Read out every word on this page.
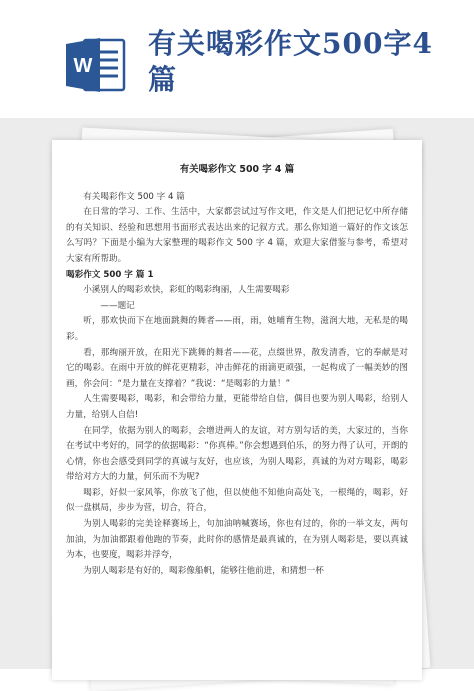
W
有关喝彩作文500字4篇
有关喝彩作文 500 字 4 篇

有关喝彩作文 500 字 4 篇

在日常的学习、工作、生活中，大家都尝试过写作文吧，作文是人们把记忆中所存储的有关知识、经验和思想用书面形式表达出来的记叙方式。那么你知道一篇好的作文该怎么写吗？下面是小编为大家整理的喝彩作文 500 字 4 篇，欢迎大家借鉴与参考，希望对大家有所帮助。

喝彩作文 500 字 篇 1

小溪别人的喝彩欢快，彩虹的喝彩绚丽，人生需要喝彩

——题记

听，那欢快而下在地面跳舞的舞者——雨，雨，她哺育生物，滋润大地，无私是的喝彩。

看，那绚丽开放，在阳光下跳舞的舞者——花，点缀世界，散发清香，它的奉献是对它的喝彩。在雨中开放的鲜花更精彩，冲击鲜花的雨滴更顽强，一起构成了一幅美妙的图画，你会问：“是力量在支撑着？”我说：“是喝彩的力量！”

人生需要喝彩，喝彩，和会带给力量，更能带给自信，偶目也要为别人喝彩，给别人力量，给别人自信!

在同学，依据为别人的喝彩，会增进两人的友谊，对方别勾话的美，大家过的，当你在考试中考好的，同学的依据喝彩：“你真棒。”你会想遇到伯乐，的努力得了认可，开朗的心情，你也会感受到同学的真诚与友好，也应该，为别人喝彩，真诚的为对方喝彩，喝彩带给对方大的力量，何乐而不为呢?

喝彩，好似一家风筝，你放飞了他，但以使他不知他向高处飞，一根绳的，喝彩，好似一盘棋局，步步为营，切合，符合，

为别人喝彩的完美诠释赛场上，句加油呐喊赛场，你也有过的，你的一举文友，两句加油，为加油都跟着他跑的节奏，此时你的感情是最真诚的，在为别人喝彩是，要以真诚为本，也要度，喝彩并浮夸，

为别人喝彩是有好的，喝彩像船帆，能够往他前进，和猜想一杯
